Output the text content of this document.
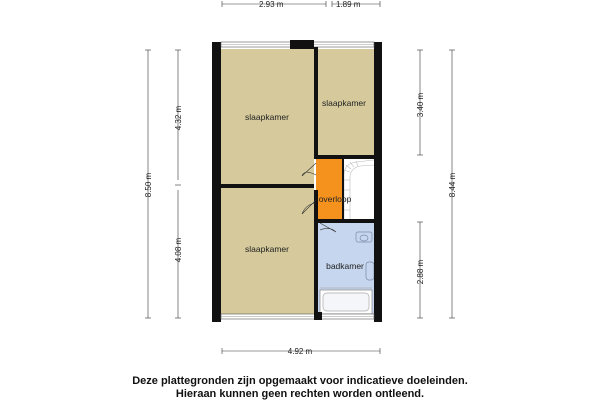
2.93 m	1.89 m
4.92 m
8.50 m
4.32 m
4.08 m
3.40 m
2.88 m
8.44 m
slaapkamer
slaapkamer
slaapkamer
overloop
badkamer
Deze plattegronden zijn opgemaakt voor indicatieve doeleinden.
Hieraan kunnen geen rechten worden ontleend.
